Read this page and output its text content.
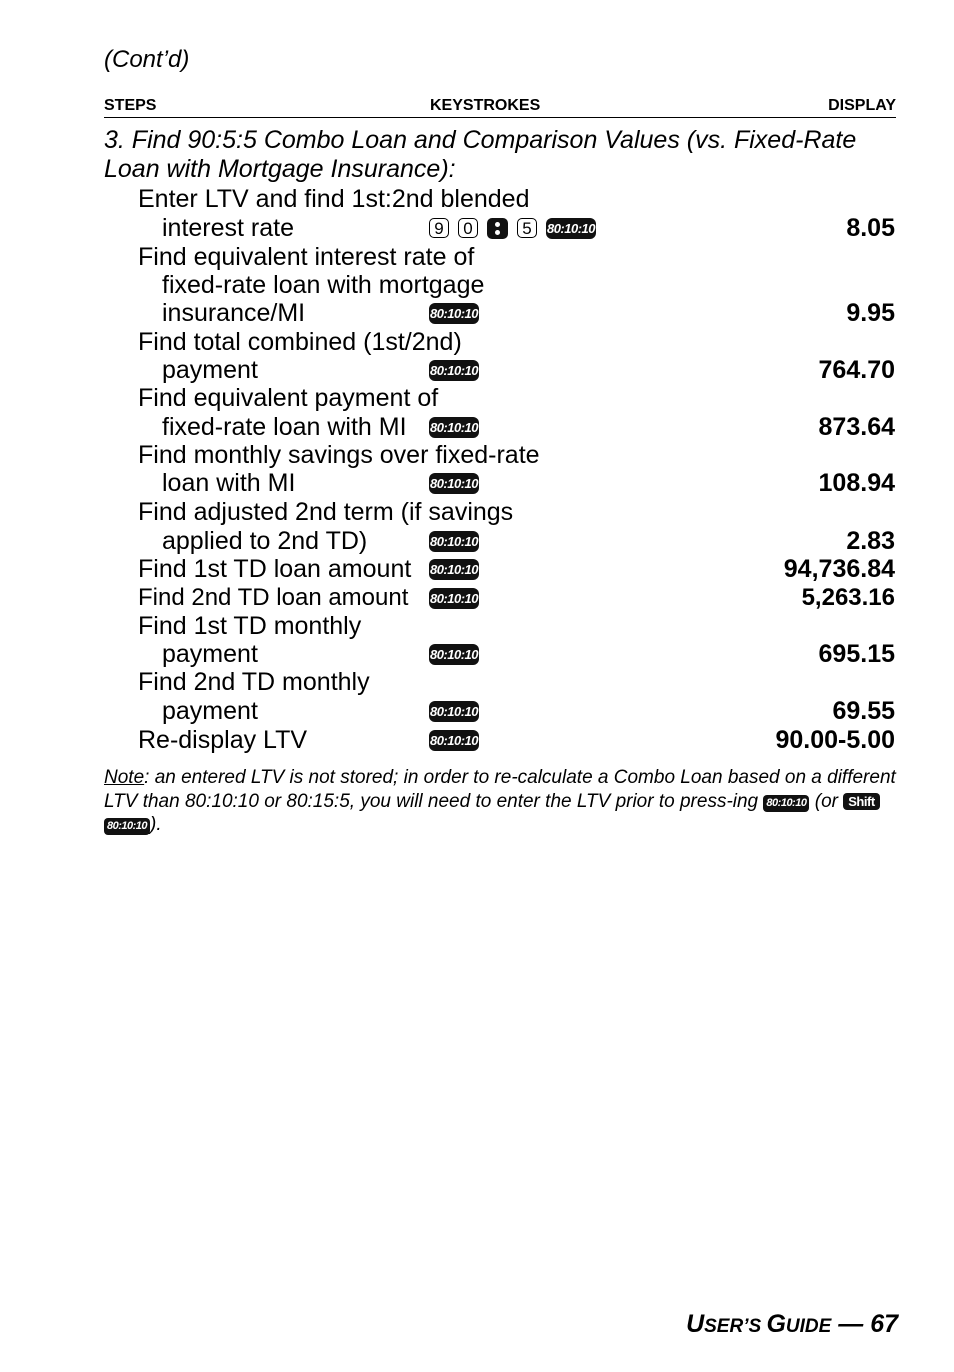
(Cont’d)
STEPS	KEYSTROKES	DISPLAY
3. Find 90:5:5 Combo Loan and Comparison Values (vs. Fixed-Rate Loan with Mortgage Insurance):
Enter LTV and find 1st:2nd blended
interest rate	9	0	5	80:10:10	8.05
Find equivalent interest rate of
fixed-rate loan with mortgage
insurance/MI	80:10:10	9.95
Find total combined (1st/2nd)
payment	80:10:10	764.70
Find equivalent payment of
fixed-rate loan with MI 80:10:10	873.64
Find monthly savings over fixed-rate
loan with MI	80:10:10	108.94
Find adjusted 2nd term (if savings
applied to 2nd TD)	80:10:10	2.83
Find 1st TD loan amount 80:10:10	94,736.84
Find 2nd TD loan amount 80:10:10	5,263.16
Find 1st TD monthly
payment	80:10:10	695.15
Find 2nd TD monthly
payment	80:10:10	69.55
Re-display LTV	80:10:10	90.00-5.00
Note: an entered LTV is not stored; in order to re-calculate a Combo Loan based on a different LTV than 80:10:10 or 80:15:5, you will need to enter the LTV prior to press-ing 80:10:10 (or Shift 80:10:10 ).
USER’S GUIDE — 67
